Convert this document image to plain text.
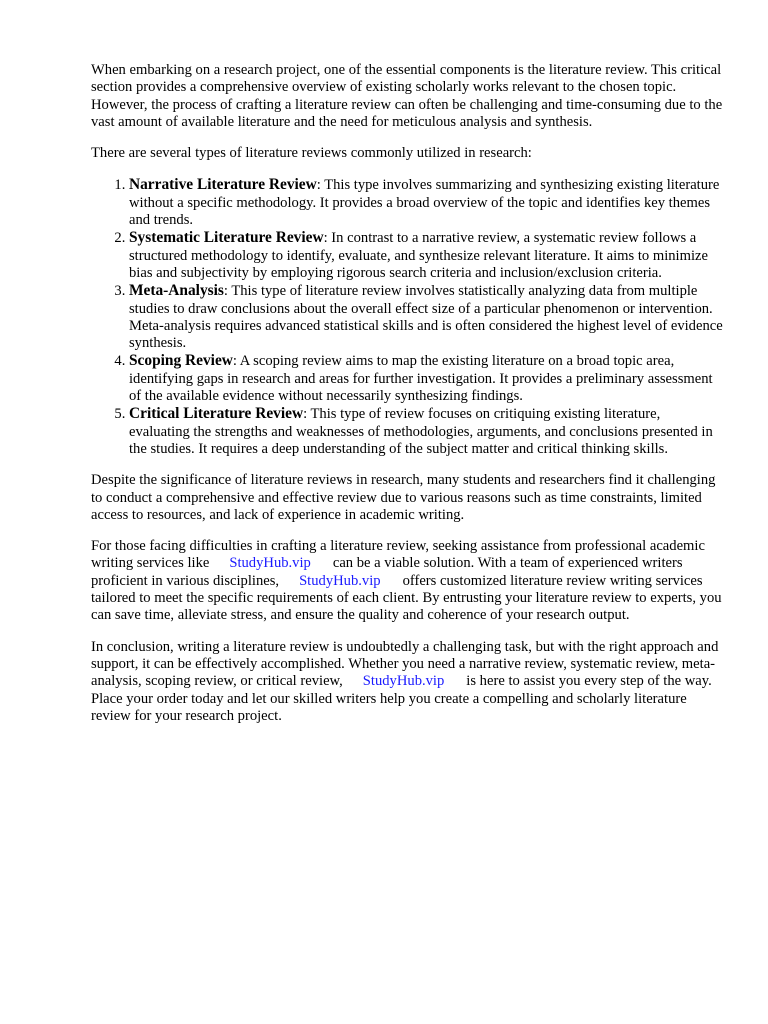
When embarking on a research project, one of the essential components is the literature review. This critical section provides a comprehensive overview of existing scholarly works relevant to the chosen topic. However, the process of crafting a literature review can often be challenging and time-consuming due to the vast amount of available literature and the need for meticulous analysis and synthesis.

There are several types of literature reviews commonly utilized in research:

1. Narrative Literature Review: This type involves summarizing and synthesizing existing literature without a specific methodology. It provides a broad overview of the topic and identifies key themes and trends.
2. Systematic Literature Review: In contrast to a narrative review, a systematic review follows a structured methodology to identify, evaluate, and synthesize relevant literature. It aims to minimize bias and subjectivity by employing rigorous search criteria and inclusion/exclusion criteria.
3. Meta-Analysis: This type of literature review involves statistically analyzing data from multiple studies to draw conclusions about the overall effect size of a particular phenomenon or intervention. Meta-analysis requires advanced statistical skills and is often considered the highest level of evidence synthesis.
4. Scoping Review: A scoping review aims to map the existing literature on a broad topic area, identifying gaps in research and areas for further investigation. It provides a preliminary assessment of the available evidence without necessarily synthesizing findings.
5. Critical Literature Review: This type of review focuses on critiquing existing literature, evaluating the strengths and weaknesses of methodologies, arguments, and conclusions presented in the studies. It requires a deep understanding of the subject matter and critical thinking skills.

Despite the significance of literature reviews in research, many students and researchers find it challenging to conduct a comprehensive and effective review due to various reasons such as time constraints, limited access to resources, and lack of experience in academic writing.

For those facing difficulties in crafting a literature review, seeking assistance from professional academic writing services like StudyHub.vip can be a viable solution. With a team of experienced writers proficient in various disciplines, StudyHub.vip offers customized literature review writing services tailored to meet the specific requirements of each client. By entrusting your literature review to experts, you can save time, alleviate stress, and ensure the quality and coherence of your research output.

In conclusion, writing a literature review is undoubtedly a challenging task, but with the right approach and support, it can be effectively accomplished. Whether you need a narrative review, systematic review, meta-analysis, scoping review, or critical review, StudyHub.vip is here to assist you every step of the way. Place your order today and let our skilled writers help you create a compelling and scholarly literature review for your research project.
